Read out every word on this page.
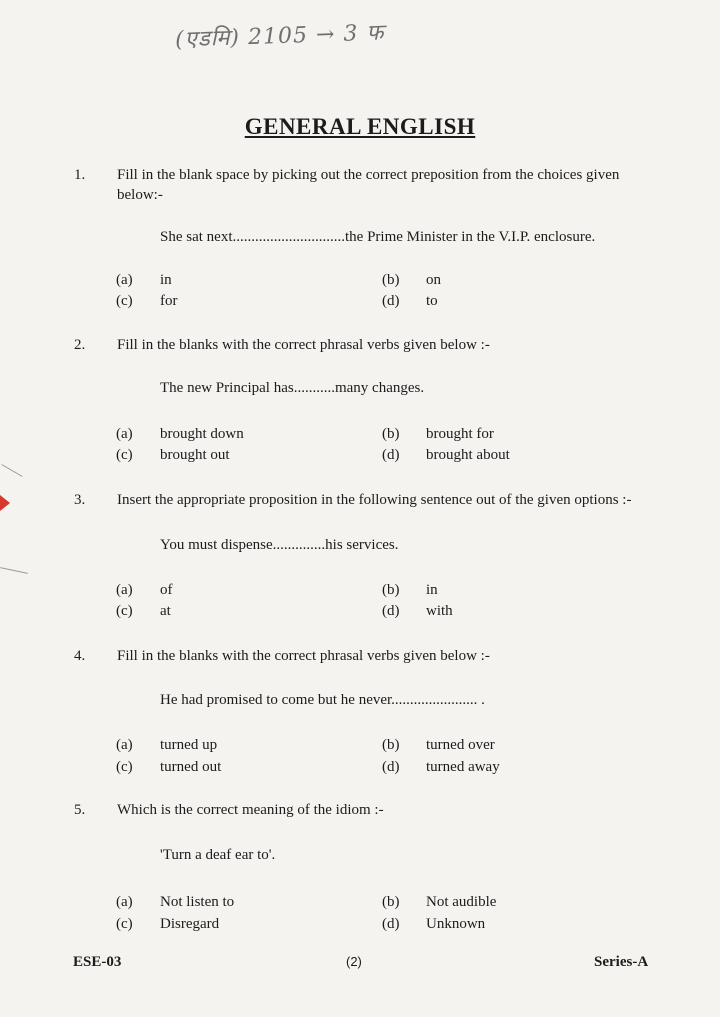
(एडमि) 2105 → 3 फ
GENERAL ENGLISH
1. Fill in the blank space by picking out the correct preposition from the choices given below:-
She sat next..............................the Prime Minister in the V.I.P. enclosure.
(a) in	(b) on
(c) for	(d) to
2. Fill in the blanks with the correct phrasal verbs given below :-
The new Principal has...........many changes.
(a) brought down	(b) brought for
(c) brought out	(d) brought about
3. Insert the appropriate proposition in the following sentence out of the given options :-
You must dispense..............his services.
(a) of	(b) in
(c) at	(d) with
4. Fill in the blanks with the correct phrasal verbs given below :-
He had promised to come but he never....................... .
(a) turned up	(b) turned over
(c) turned out	(d) turned away
5. Which is the correct meaning of the idiom :-
'Turn a deaf ear to'.
(a) Not listen to	(b) Not audible
(c) Disregard	(d) Unknown
ESE-03	(2)	Series-A
